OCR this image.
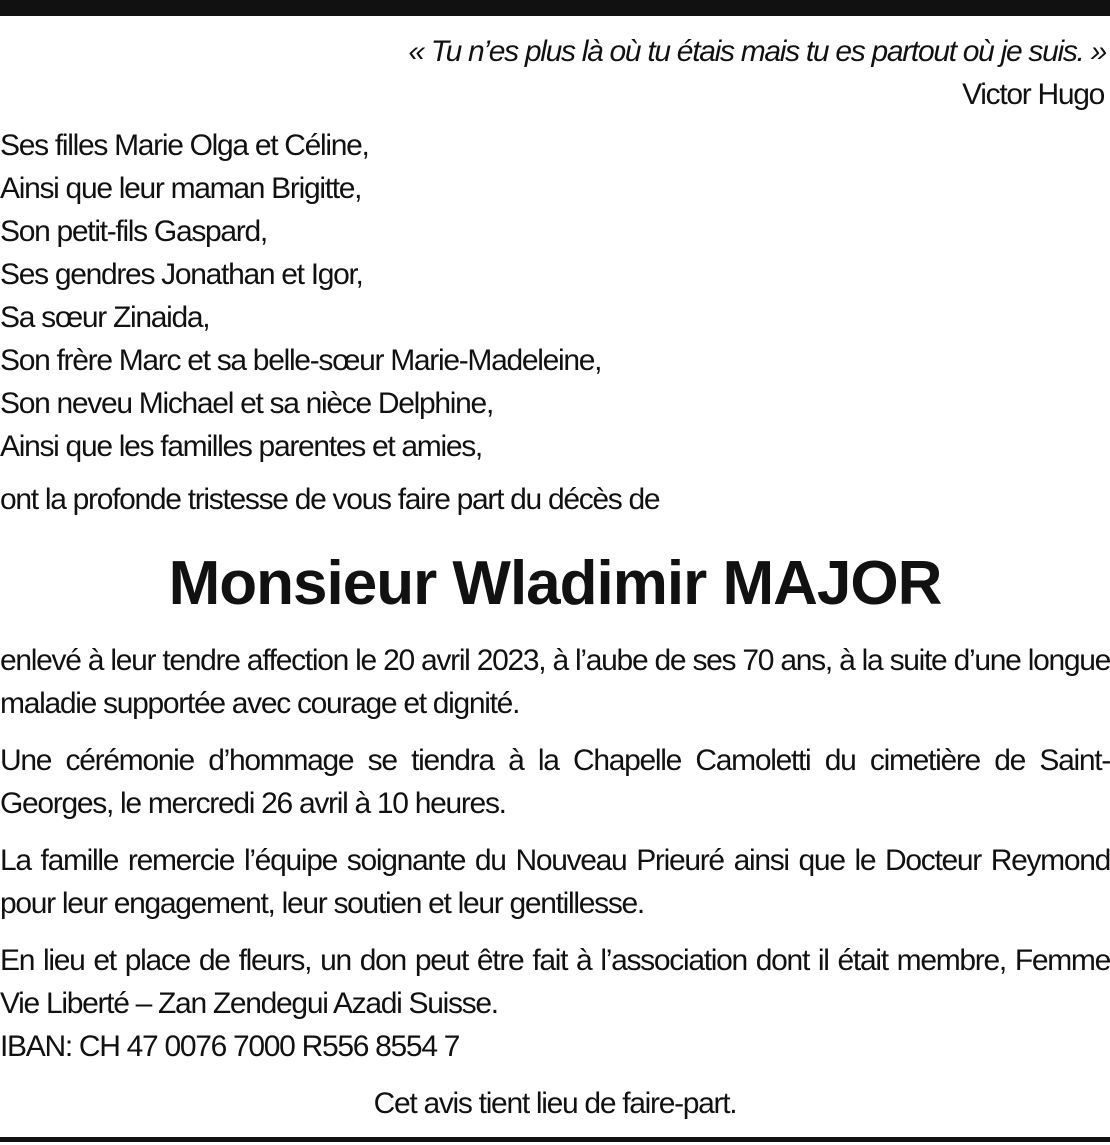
« Tu n’es plus là où tu étais mais tu es partout où je suis. »
Victor Hugo
Ses filles Marie Olga et Céline,
Ainsi que leur maman Brigitte,
Son petit-fils Gaspard,
Ses gendres Jonathan et Igor,
Sa sœur Zinaida,
Son frère Marc et sa belle-sœur Marie-Madeleine,
Son neveu Michael et sa nièce Delphine,
Ainsi que les familles parentes et amies,
ont la profonde tristesse de vous faire part du décès de
Monsieur Wladimir MAJOR
enlevé à leur tendre affection le 20 avril 2023, à l’aube de ses 70 ans, à la suite d’une longue maladie supportée avec courage et dignité.
Une cérémonie d’hommage se tiendra à la Chapelle Camoletti du cimetière de Saint-Georges, le mercredi 26 avril à 10 heures.
La famille remercie l’équipe soignante du Nouveau Prieuré ainsi que le Docteur Reymond pour leur engagement, leur soutien et leur gentillesse.
En lieu et place de fleurs, un don peut être fait à l’association dont il était membre, Femme Vie Liberté – Zan Zendegui Azadi Suisse.
IBAN: CH 47 0076 7000 R556 8554 7
Cet avis tient lieu de faire-part.
